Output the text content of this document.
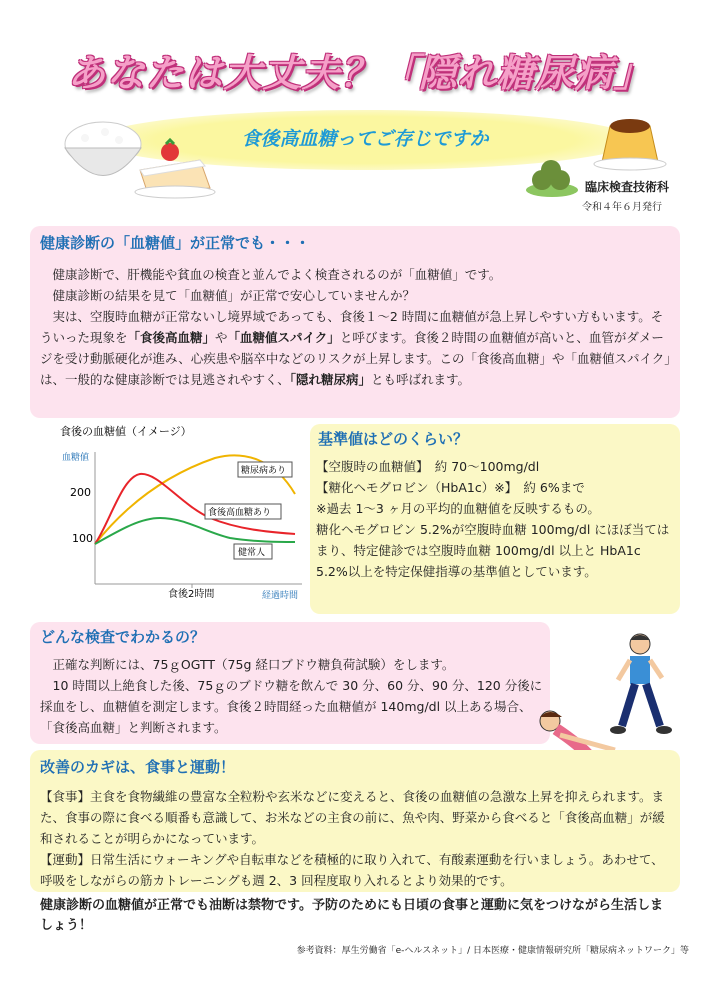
あなたは大丈夫？「隠れ糖尿病」
食後高血糖ってご存じですか
臨床検査技術科
令和４年６月発行
健康診断の「血糖値」が正常でも・・・

健康診断で、肝機能や貧血の検査と並んでよく検査されるのが「血糖値」です。

健康診断の結果を見て「血糖値」が正常で安心していませんか？

実は、空腹時血糖が正常ないし境界域であっても、食後１～2 時間に血糖値が急上昇しやすい方もいます。そういった現象を「食後高血糖」や「血糖値スパイク」と呼びます。食後２時間の血糖値が高いと、血管がダメージを受け動脈硬化が進み、心疾患や脳卒中などのリスクが上昇します。この「食後高血糖」や「血糖値スパイク」は、一般的な健康診断では見逃されやすく、「隠れ糖尿病」とも呼ばれます。

食後の血糖値（イメージ）
血糖値
200
100
糖尿病あり
食後高血糖あり
健常人
食後2時間	経過時間
基準値はどのくらい？

【空腹時の血糖値】　約 70～100mg/dl

【糖化ヘモグロビン（HbA1c）※】　約 6%まで

※過去 1～3 ヶ月の平均的血糖値を反映するもの。

糖化ヘモグロビン 5.2%が空腹時血糖 100mg/dl にほぼ当てはまり、特定健診では空腹時血糖 100mg/dl 以上と HbA1c 5.2%以上を特定保健指導の基準値としています。

どんな検査でわかるの？

正確な判断には、75ｇOGTT（75g 経口ブドウ糖負荷試験）をします。

10 時間以上絶食した後、75ｇのブドウ糖を飲んで 30 分、60 分、90 分、120 分後に採血をし、血糖値を測定します。食後２時間経った血糖値が 140mg/dl 以上ある場合、「食後高血糖」と判断されます。

改善のカギは、食事と運動！

【食事】主食を食物繊維の豊富な全粒粉や玄米などに変えると、食後の血糖値の急激な上昇を抑えられます。また、食事の際に食べる順番も意識して、お米などの主食の前に、魚や肉、野菜から食べると「食後高血糖」が緩和されることが明らかになっています。

【運動】日常生活にウォーキングや自転車などを積極的に取り入れて、有酸素運動を行いましょう。あわせて、呼吸をしながらの筋カトレーニングも週 2、3 回程度取り入れるとより効果的です。

健康診断の血糖値が正常でも油断は禁物です。予防のためにも日頃の食事と運動に気をつけながら生活しましょう！
参考資料：厚生労働省「e-ヘルスネット」/ 日本医療・健康情報研究所「糖尿病ネットワーク」等
